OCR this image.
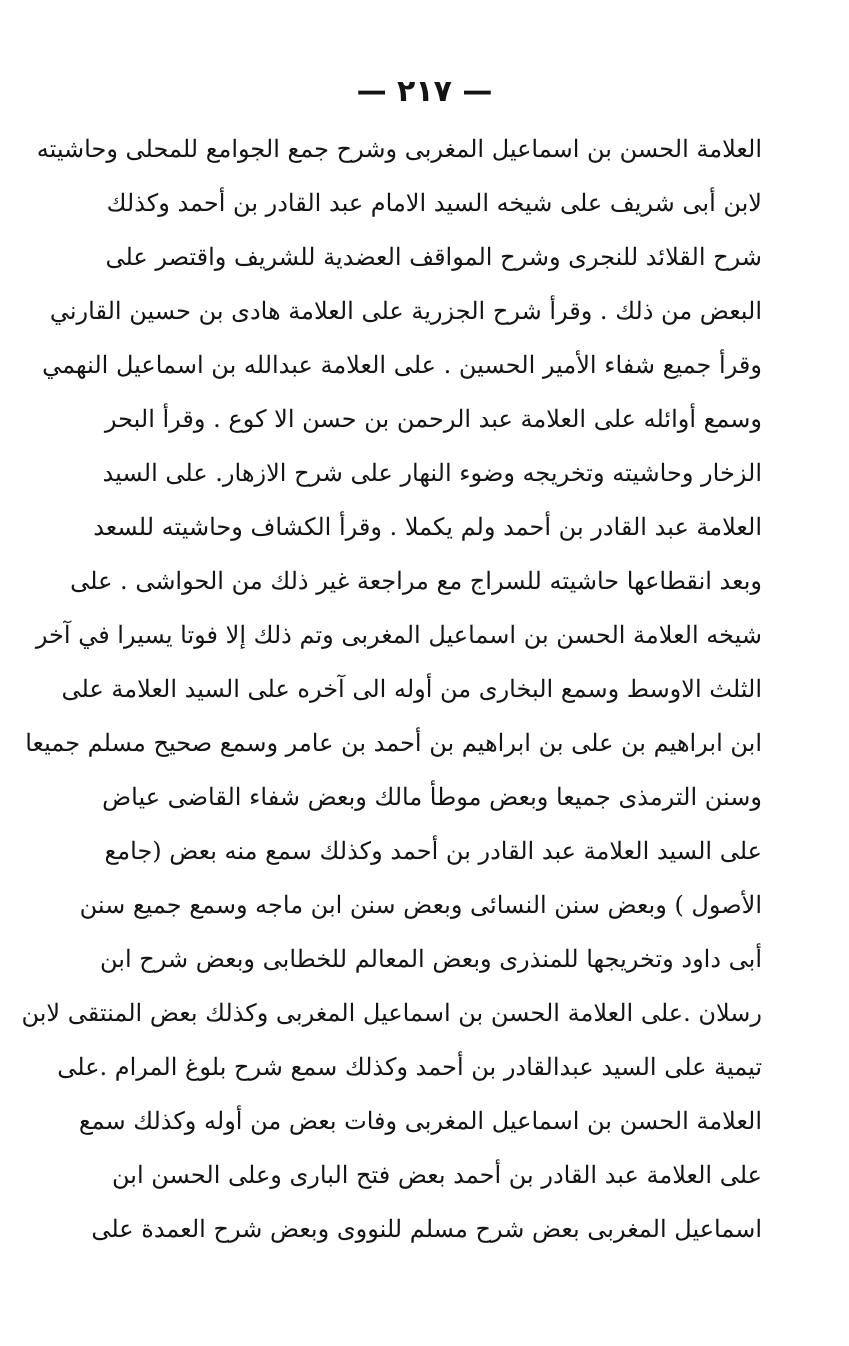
— ٢١٧ —
العلامة الحسن بن اسماعيل المغربى وشرح جمع الجوامع للمحلى وحاشيته
لابن أبى شريف على شيخه السيد الامام عبد القادر بن أحمد وكذلك
شرح القلائد للنجرى وشرح المواقف العضدية للشريف واقتصر على
البعض من ذلك . وقرأ شرح الجزرية على العلامة هادى بن حسين القارني
وقرأ جميع شفاء الأمير الحسين . على العلامة عبدالله بن اسماعيل النهمي
وسمع أوائله على العلامة عبد الرحمن بن حسن الا كوع . وقرأ البحر
الزخار وحاشيته وتخريجه وضوء النهار على شرح الازهار. على السيد
العلامة عبد القادر بن أحمد ولم يكملا . وقرأ الكشاف وحاشيته للسعد
وبعد انقطاعها حاشيته للسراج مع مراجعة غير ذلك من الحواشى . على
شيخه العلامة الحسن بن اسماعيل المغربى وتم ذلك إلا فوتا يسيرا في آخر
الثلث الاوسط وسمع البخارى من أوله الى آخره على السيد العلامة على
ابن ابراهيم بن على بن ابراهيم بن أحمد بن عامر وسمع صحيح مسلم جميعا
وسنن الترمذى جميعا وبعض موطأ مالك وبعض شفاء القاضى عياض
على السيد العلامة عبد القادر بن أحمد وكذلك سمع منه بعض (جامع
الأصول ) وبعض سنن النسائى وبعض سنن ابن ماجه وسمع جميع سنن
أبى داود وتخريجها للمنذرى وبعض المعالم للخطابى وبعض شرح ابن
رسلان .على العلامة الحسن بن اسماعيل المغربى وكذلك بعض المنتقى لابن
تيمية على السيد عبدالقادر بن أحمد وكذلك سمع شرح بلوغ المرام .على
العلامة الحسن بن اسماعيل المغربى وفات بعض من أوله وكذلك سمع
على العلامة عبد القادر بن أحمد بعض فتح البارى وعلى الحسن ابن
اسماعيل المغربى بعض شرح مسلم للنووى وبعض شرح العمدة على
